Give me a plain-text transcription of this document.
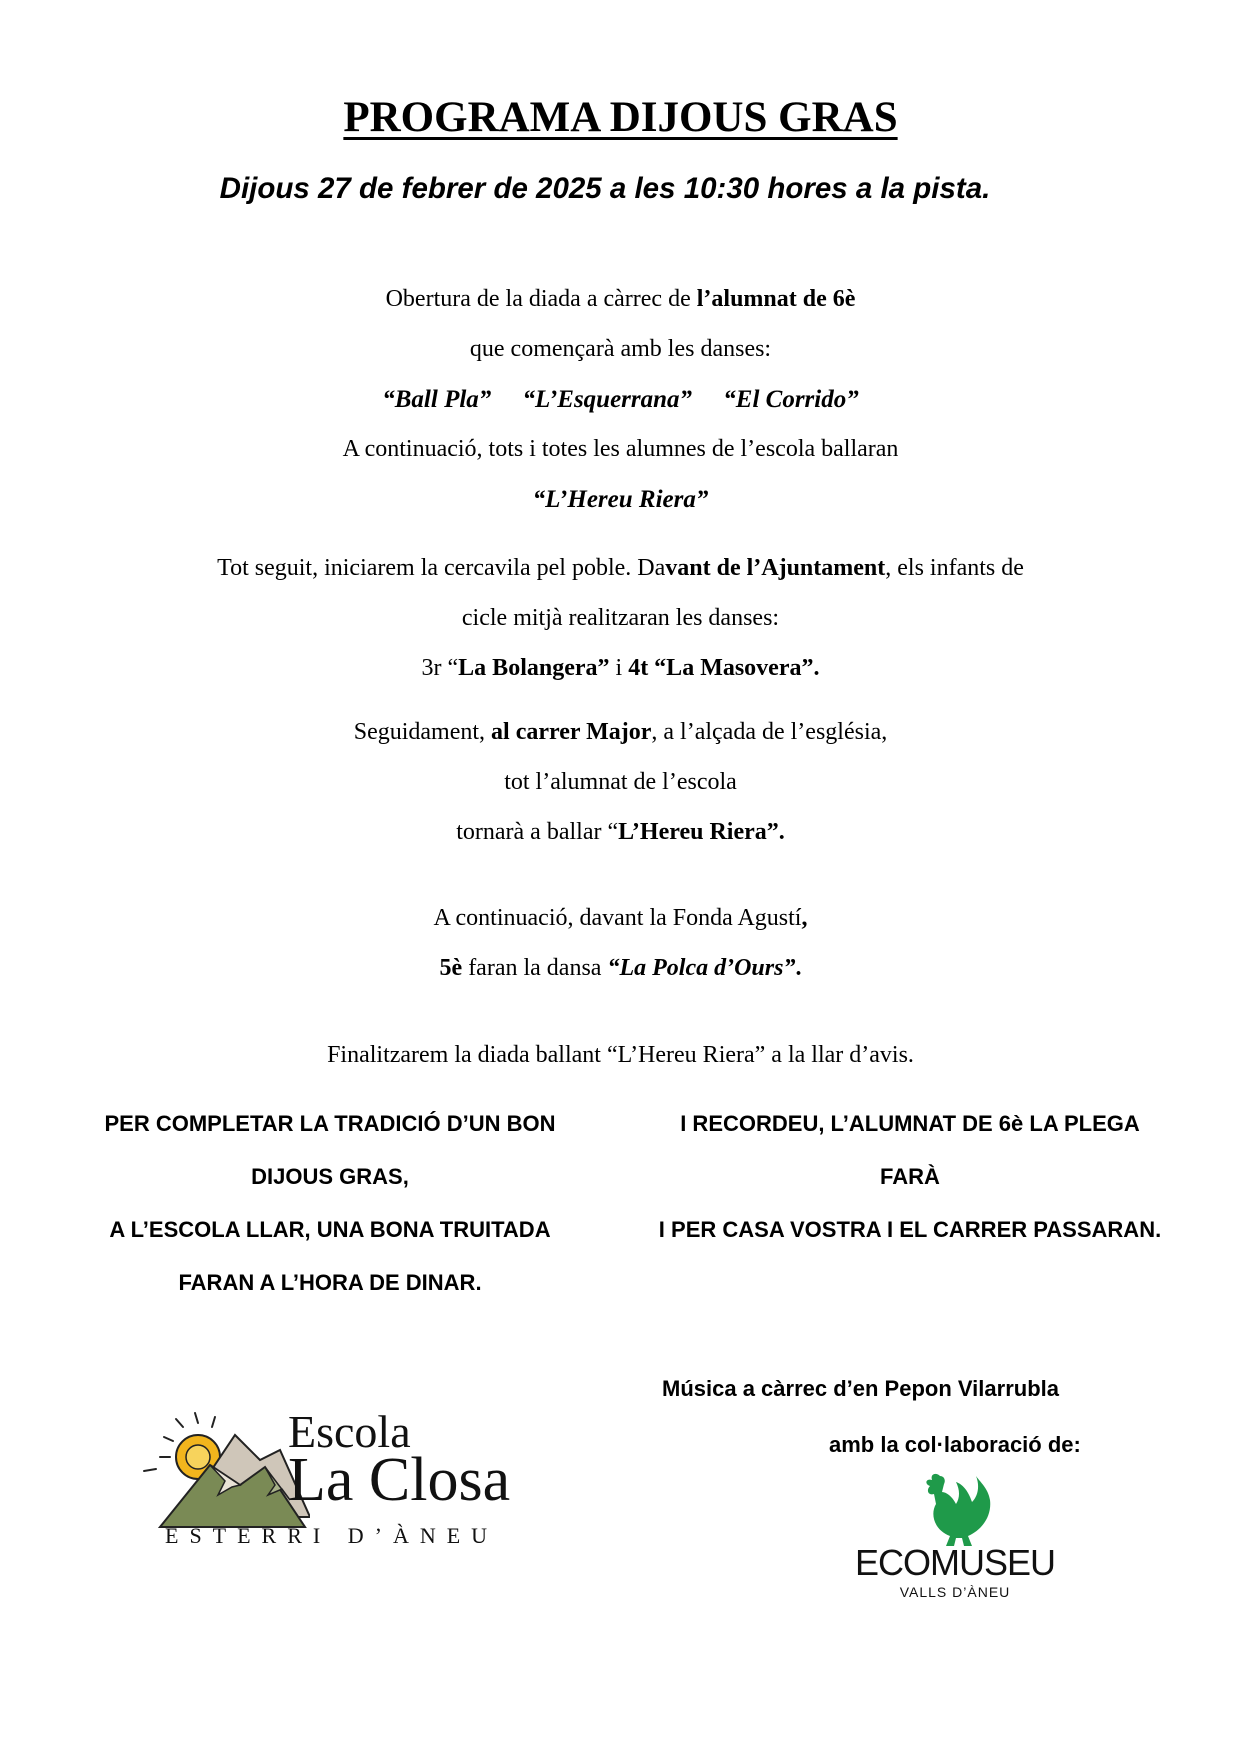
PROGRAMA DIJOUS GRAS
Dijous 27 de febrer de 2025 a les 10:30 hores a la pista.
Obertura de la diada a càrrec de l’alumnat de 6è
que començarà amb les danses:
“Ball Pla” “L’Esquerrana” “El Corrido”
A continuació, tots i totes les alumnes de l’escola ballaran
“L’Hereu Riera”
Tot seguit, iniciarem la cercavila pel poble. Davant de l’Ajuntament, els infants de
cicle mitjà realitzaran les danses:
3r “La Bolangera” i 4t “La Masovera”.
Seguidament, al carrer Major, a l’alçada de l’església,
tot l’alumnat de l’escola
tornarà a ballar “L’Hereu Riera”.
A continuació, davant la Fonda Agustí,
5è faran la dansa “La Polca d’Ours”.
Finalitzarem la diada ballant “L’Hereu Riera” a la llar d’avis.
PER COMPLETAR LA TRADICIÓ D’UN BON
DIJOUS GRAS,
A L’ESCOLA LLAR, UNA BONA TRUITADA
FARAN A L’HORA DE DINAR.
I RECORDEU, L’ALUMNAT DE 6è LA PLEGA
FARÀ
I PER CASA VOSTRA I EL CARRER PASSARAN.
Música a càrrec d’en Pepon Vilarrubla
amb la col·laboració de:
Escola
La Closa
ESTERRI D’ÀNEU
ECOMUSEU
VALLS D’ÀNEU
